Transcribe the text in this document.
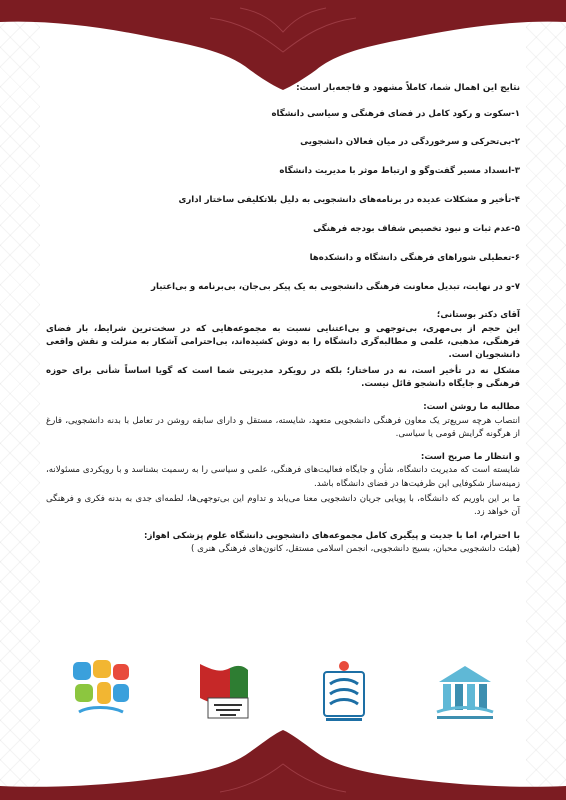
نتایج این اهمال شما، کاملاً مشهود و فاجعه‌بار است:

۱-سکوت و رکود کامل در فضای فرهنگی و سیاسی دانشگاه

۲-بی‌تحرکی و سرخوردگی در میان فعالان دانشجویی

۳-انسداد مسیر گفت‌وگو و ارتباط موثر با مدیریت دانشگاه

۴-تأخیر و مشکلات عدیده در برنامه‌های دانشجویی به دلیل بلاتکلیفی ساختار اداری

۵-عدم ثبات و نبود تخصیص شفاف بودجه فرهنگی

۶-تعطیلی شوراهای فرهنگی دانشگاه و دانشکده‌ها

۷-و در نهایت، تبدیل معاونت فرهنگی دانشجویی به یک پیکر بی‌جان، بی‌برنامه و بی‌اعتبار

آقای دکتر بوستانی؛

این حجم از بی‌مهری، بی‌توجهی و بی‌اعتنایی نسبت به مجموعه‌هایی که در سخت‌ترین شرایط، بار فضای فرهنگی، مذهبی، علمی و مطالبه‌گری دانشگاه را به دوش کشیده‌اند، بی‌احترامی آشکار به منزلت و نقش واقعی دانشجویان است.

مشکل نه در تأخیر است، نه در ساختار؛ بلکه در رویکرد مدیریتی شما است که گویا اساساً شأنی برای حوزه فرهنگی و جایگاه دانشجو قائل نیست.

مطالبه ما روشن است:

انتصاب هرچه سریع‌تر یک معاون فرهنگی دانشجویی متعهد، شایسته، مستقل و دارای سابقه روشن در تعامل با بدنه دانشجویی، فارغ از هرگونه گرایش قومی یا سیاسی.

و انتظار ما صریح است:

شایسته است که مدیریت دانشگاه، شأن و جایگاه فعالیت‌های فرهنگی، علمی و سیاسی را به رسمیت بشناسد و با رویکردی مسئولانه، زمینه‌ساز شکوفایی این ظرفیت‌ها در فضای دانشگاه باشد.

ما بر این باوریم که دانشگاه، با پویایی جریان دانشجویی معنا می‌یابد و تداوم این بی‌توجهی‌ها، لطمه‌ای جدی به بدنه فکری و فرهنگی آن خواهد زد.

با احترام، اما با جدیت و پیگیری کامل مجموعه‌های دانشجویی دانشگاه علوم پزشکی اهواز:

(هیئت دانشجویی محبان، بسیج دانشجویی، انجمن اسلامی مستقل، کانون‌های فرهنگی هنری )
